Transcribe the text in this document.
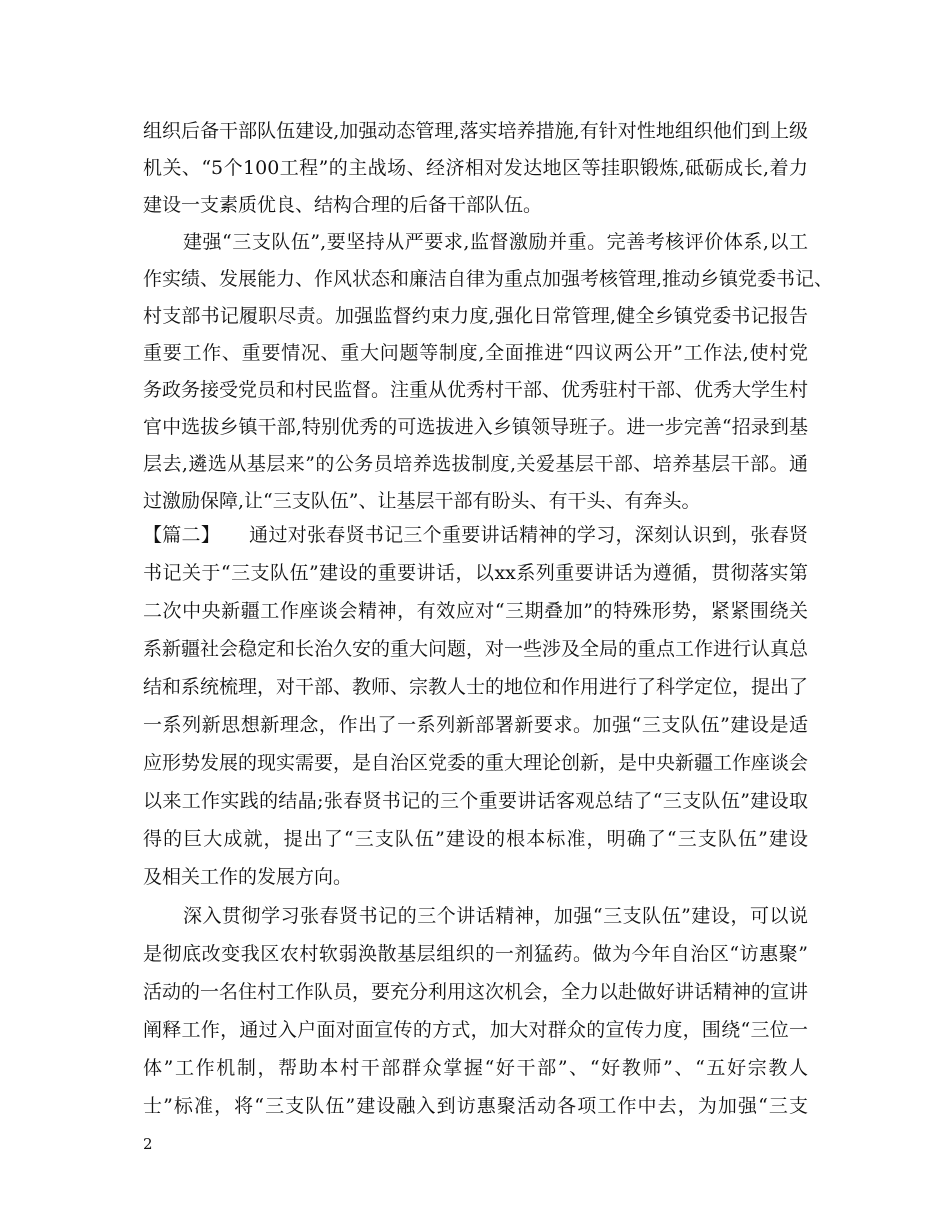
组织后备干部队伍建设,加强动态管理,落实培养措施,有针对性地组织他们到上级
机关、“5个100工程”的主战场、经济相对发达地区等挂职锻炼,砥砺成长,着力
建设一支素质优良、结构合理的后备干部队伍。
建强“三支队伍”,要坚持从严要求,监督激励并重。完善考核评价体系,以工
作实绩、发展能力、作风状态和廉洁自律为重点加强考核管理,推动乡镇党委书记、
村支部书记履职尽责。加强监督约束力度,强化日常管理,健全乡镇党委书记报告
重要工作、重要情况、重大问题等制度,全面推进“四议两公开”工作法,使村党
务政务接受党员和村民监督。注重从优秀村干部、优秀驻村干部、优秀大学生村
官中选拔乡镇干部,特别优秀的可选拔进入乡镇领导班子。进一步完善“招录到基
层去,遴选从基层来”的公务员培养选拔制度,关爱基层干部、培养基层干部。通
过激励保障,让“三支队伍”、让基层干部有盼头、有干头、有奔头。
【篇二】　　通过对张春贤书记三个重要讲话精神的学习，深刻认识到，张春贤
书记关于“三支队伍”建设的重要讲话，以xx系列重要讲话为遵循，贯彻落实第
二次中央新疆工作座谈会精神，有效应对“三期叠加”的特殊形势，紧紧围绕关
系新疆社会稳定和长治久安的重大问题，对一些涉及全局的重点工作进行认真总
结和系统梳理，对干部、教师、宗教人士的地位和作用进行了科学定位，提出了
一系列新思想新理念，作出了一系列新部署新要求。加强“三支队伍”建设是适
应形势发展的现实需要，是自治区党委的重大理论创新，是中央新疆工作座谈会
以来工作实践的结晶;张春贤书记的三个重要讲话客观总结了“三支队伍”建设取
得的巨大成就，提出了“三支队伍”建设的根本标准，明确了“三支队伍”建设
及相关工作的发展方向。
深入贯彻学习张春贤书记的三个讲话精神，加强“三支队伍”建设，可以说
是彻底改变我区农村软弱涣散基层组织的一剂猛药。做为今年自治区“访惠聚”
活动的一名住村工作队员，要充分利用这次机会，全力以赴做好讲话精神的宣讲
阐释工作，通过入户面对面宣传的方式，加大对群众的宣传力度，围绕“三位一
体”工作机制，帮助本村干部群众掌握“好干部”、“好教师”、“五好宗教人
士”标准，将“三支队伍”建设融入到访惠聚活动各项工作中去，为加强“三支
2
